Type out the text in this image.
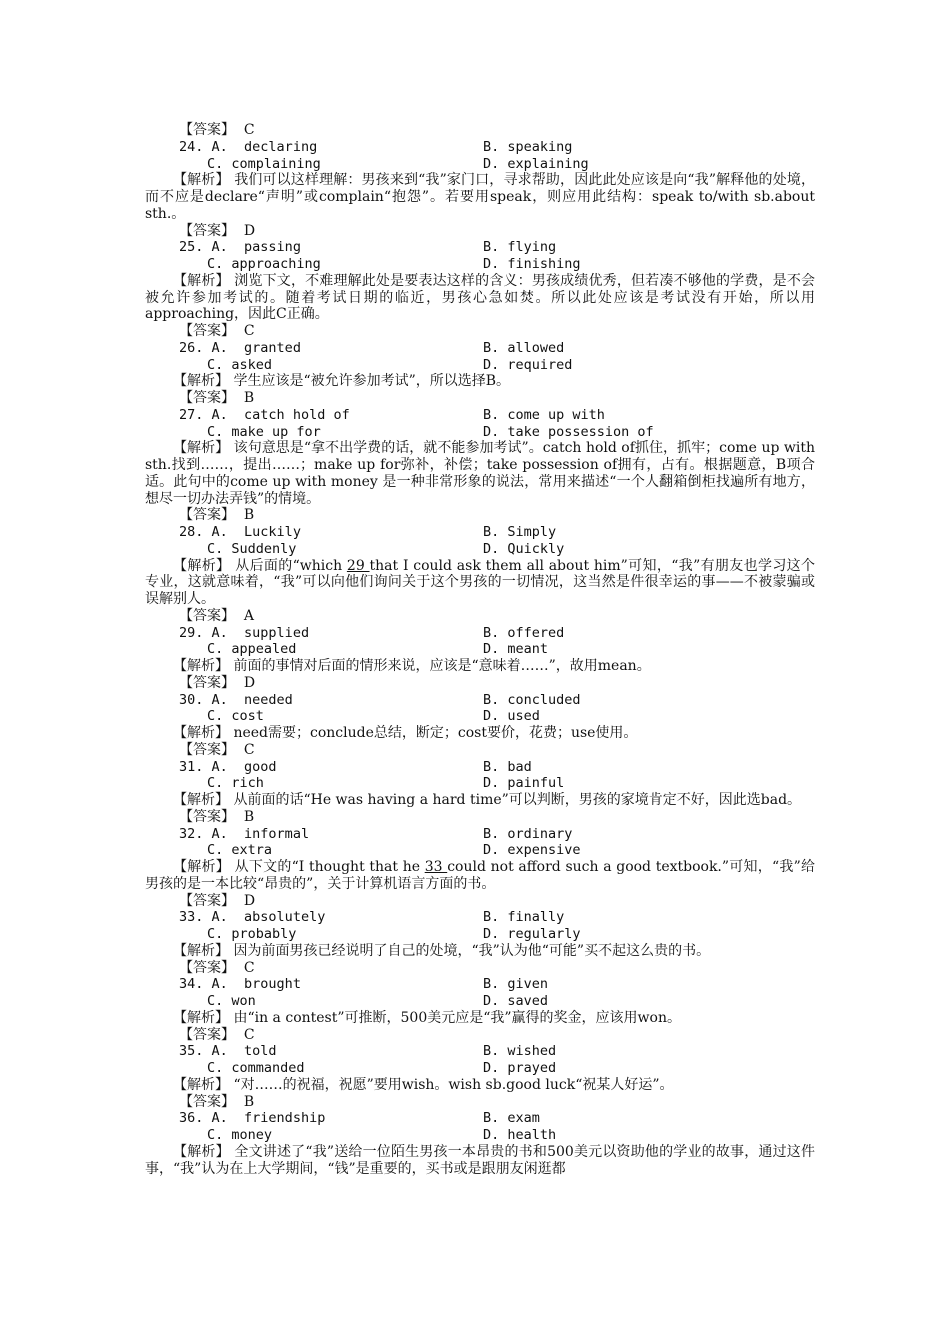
【答案】 C
24. A.  declaring	B. speaking
C. complaining	D. explaining
【解析】 我们可以这样理解：男孩来到“我”家门口，寻求帮助，因此此处应该是向“我”解释他的处境，而不应是declare“声明”或complain“抱怨”。若要用speak，则应用此结构：speak to/with sb.about sth.。
【答案】 D
25. A.  passing	B. flying
C. approaching	D. finishing
【解析】 浏览下文，不难理解此处是要表达这样的含义：男孩成绩优秀，但若凑不够他的学费，是不会被允许参加考试的。随着考试日期的临近，男孩心急如焚。所以此处应该是考试没有开始，所以用approaching，因此C正确。
【答案】 C
26. A.  granted	B. allowed
C. asked	D. required
【解析】 学生应该是“被允许参加考试”，所以选择B。
【答案】 B
27. A.  catch hold of	B. come up with
C. make up for	D. take possession of
【解析】 该句意思是“拿不出学费的话，就不能参加考试”。catch hold of抓住，抓牢；come up with sth.找到……，提出……；make up for弥补，补偿；take possession of拥有，占有。根据题意，B项合适。此句中的come up with money 是一种非常形象的说法，常用来描述“一个人翻箱倒柜找遍所有地方，想尽一切办法弄钱”的情境。
【答案】 B
28. A.  Luckily	B. Simply
C. Suddenly	D. Quickly
【解析】 从后面的“which 29 that I could ask them all about him”可知，“我”有朋友也学习这个专业，这就意味着，“我”可以向他们询问关于这个男孩的一切情况，这当然是件很幸运的事——不被蒙骗或误解别人。
【答案】 A
29. A.  supplied	B. offered
C. appealed	D. meant
【解析】 前面的事情对后面的情形来说，应该是“意味着……”，故用mean。
【答案】 D
30. A.  needed	B. concluded
C. cost	D. used
【解析】 need需要；conclude总结，断定；cost要价，花费；use使用。
【答案】 C
31. A.  good	B. bad
C. rich	D. painful
【解析】 从前面的话“He was having a hard time”可以判断，男孩的家境肯定不好，因此选bad。
【答案】 B
32. A.  informal	B. ordinary
C. extra	D. expensive
【解析】 从下文的“I thought that he 33 could not afford such a good textbook.”可知，“我”给男孩的是一本比较“昂贵的”，关于计算机语言方面的书。
【答案】 D
33. A.  absolutely	B. finally
C. probably	D. regularly
【解析】 因为前面男孩已经说明了自己的处境，“我”认为他“可能”买不起这么贵的书。
【答案】 C
34. A.  brought	B. given
C. won	D. saved
【解析】 由“in a contest”可推断，500美元应是“我”赢得的奖金，应该用won。
【答案】 C
35. A.  told	B. wished
C. commanded	D. prayed
【解析】 “对……的祝福，祝愿”要用wish。wish sb.good luck“祝某人好运”。
【答案】 B
36. A.  friendship	B. exam
C. money	D. health
【解析】 全文讲述了“我”送给一位陌生男孩一本昂贵的书和500美元以资助他的学业的故事，通过这件事，“我”认为在上大学期间，“钱”是重要的，买书或是跟朋友闲逛都
